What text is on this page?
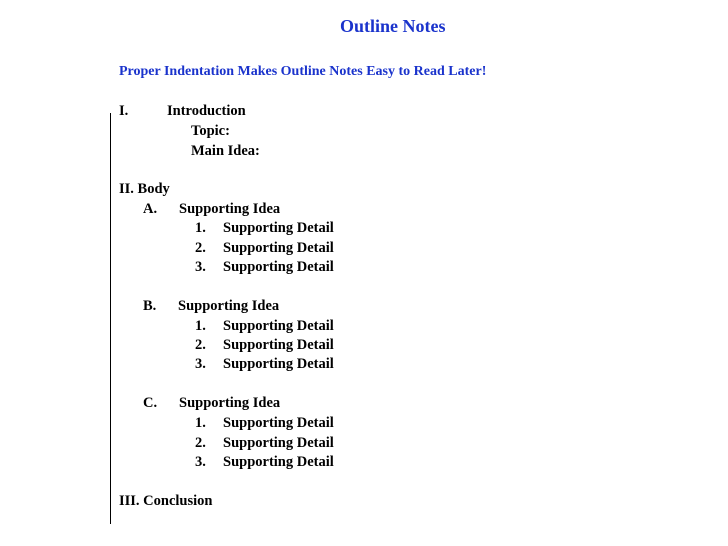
Outline Notes
Proper Indentation Makes Outline Notes Easy to Read Later!
I.	Introduction
Topic:
Main Idea:
II. Body
A. Supporting Idea
1. Supporting Detail
2. Supporting Detail
3. Supporting Detail
B. Supporting Idea
1. Supporting Detail
2. Supporting Detail
3. Supporting Detail
C. Supporting Idea
1. Supporting Detail
2. Supporting Detail
3. Supporting Detail
III. Conclusion
